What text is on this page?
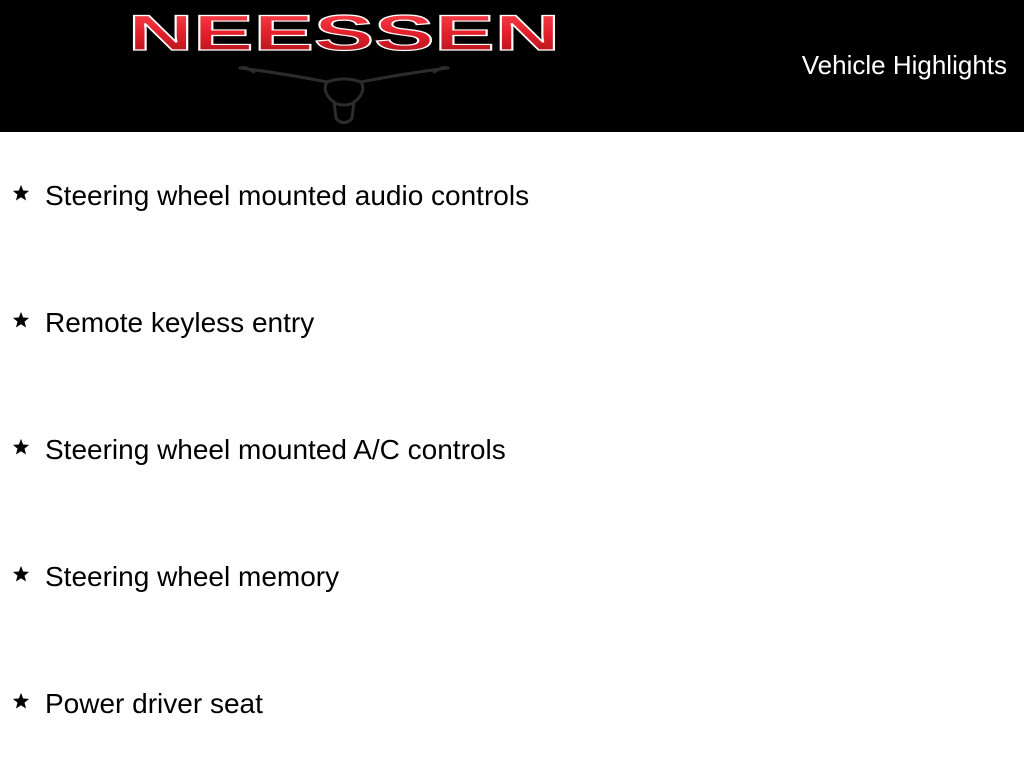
NEESSEN
Vehicle Highlights
Steering wheel mounted audio controls
Remote keyless entry
Steering wheel mounted A/C controls
Steering wheel memory
Power driver seat
